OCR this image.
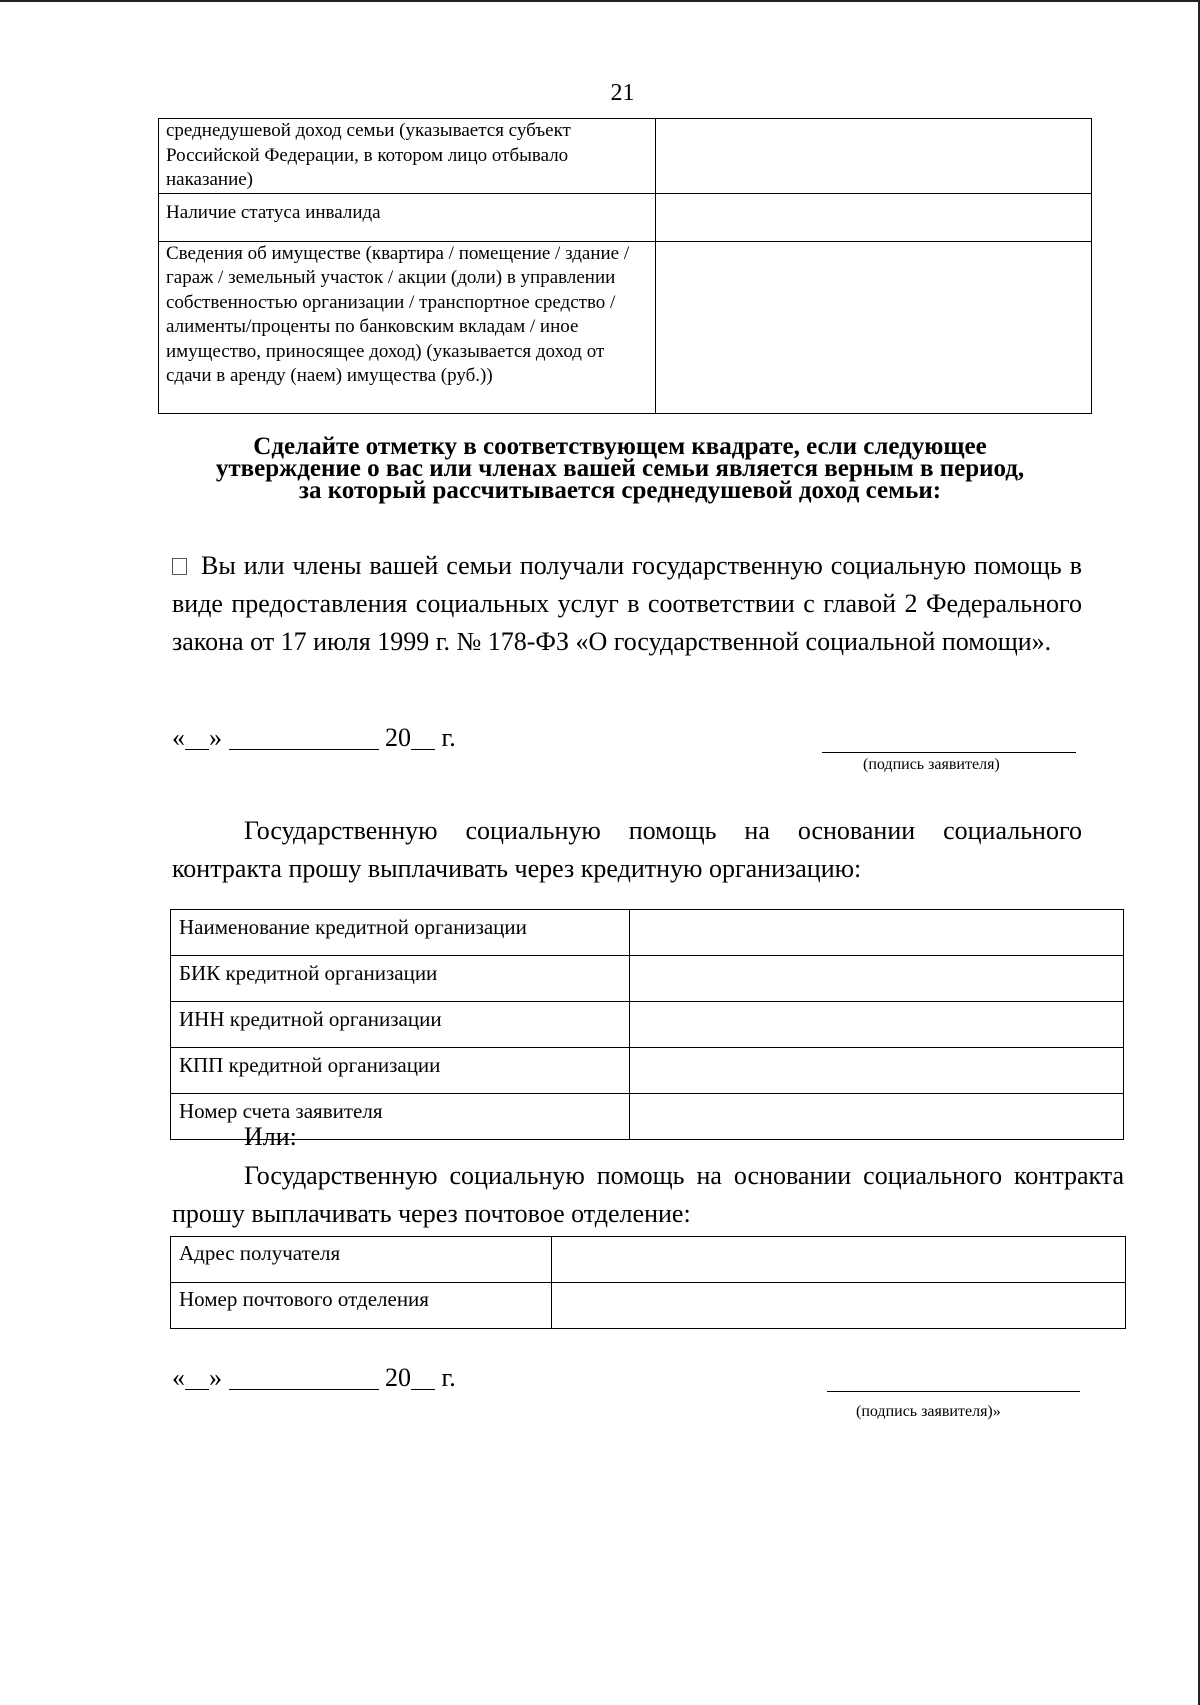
21
среднедушевой доход семьи (указывается субъект Российской Федерации, в котором лицо отбывало наказание)	
Наличие статуса инвалида	
Сведения об имуществе (квартира / помещение / здание / гараж / земельный участок / акции (доли) в управлении собственностью организации / транспортное средство / алименты/проценты по банковским вкладам / иное имущество, приносящее доход) (указывается доход от сдачи в аренду (наем) имущества (руб.))	
Сделайте отметку в соответствующем квадрате, если следующее
утверждение о вас или членах вашей семьи является верным в период,
за который рассчитывается среднедушевой доход семьи:
Вы или члены вашей семьи получали государственную социальную помощь в виде предоставления социальных услуг в соответствии с главой 2 Федерального закона от 17 июля 1999 г. № 178-ФЗ «О государственной социальной помощи».
« »	20 г.
(подпись заявителя)
Государственную социальную помощь на основании социального контракта прошу выплачивать через кредитную организацию:
Наименование кредитной организации	
БИК кредитной организации	
ИНН кредитной организации	
КПП кредитной организации	
Номер счета заявителя	
Или:
Государственную социальную помощь на основании социального контракта прошу выплачивать через почтовое отделение:
Адрес получателя	
Номер почтового отделения	
« »	20 г.
(подпись заявителя)»
